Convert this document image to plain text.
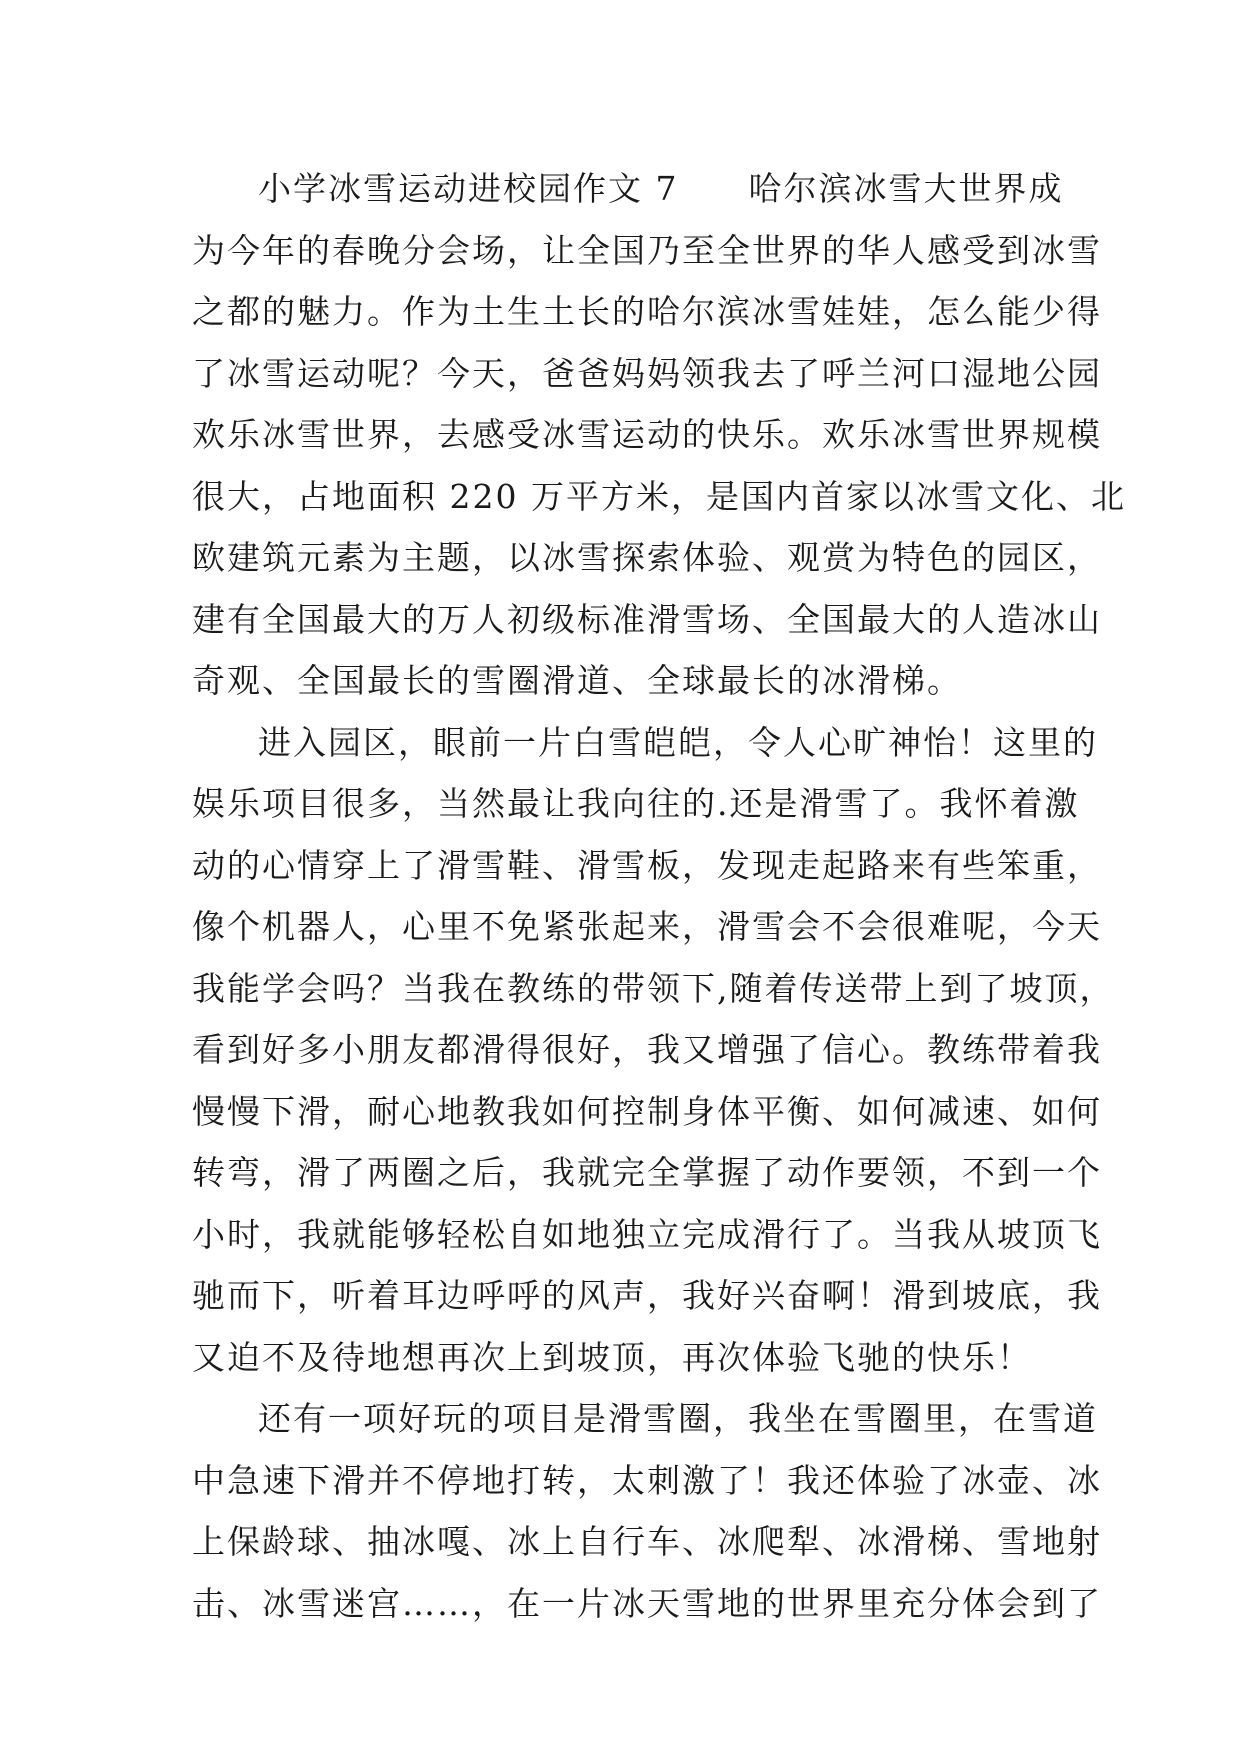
小学冰雪运动进校园作文 7　　哈尔滨冰雪大世界成
为今年的春晚分会场，让全国乃至全世界的华人感受到冰雪
之都的魅力。作为土生土长的哈尔滨冰雪娃娃，怎么能少得
了冰雪运动呢？今天，爸爸妈妈领我去了呼兰河口湿地公园
欢乐冰雪世界，去感受冰雪运动的快乐。欢乐冰雪世界规模
很大，占地面积 220 万平方米，是国内首家以冰雪文化、北
欧建筑元素为主题，以冰雪探索体验、观赏为特色的园区，
建有全国最大的万人初级标准滑雪场、全国最大的人造冰山
奇观、全国最长的雪圈滑道、全球最长的冰滑梯。
进入园区，眼前一片白雪皑皑，令人心旷神怡！这里的
娱乐项目很多，当然最让我向往的.还是滑雪了。我怀着激
动的心情穿上了滑雪鞋、滑雪板，发现走起路来有些笨重，
像个机器人，心里不免紧张起来，滑雪会不会很难呢，今天
我能学会吗？当我在教练的带领下,随着传送带上到了坡顶，
看到好多小朋友都滑得很好，我又增强了信心。教练带着我
慢慢下滑，耐心地教我如何控制身体平衡、如何减速、如何
转弯，滑了两圈之后，我就完全掌握了动作要领，不到一个
小时，我就能够轻松自如地独立完成滑行了。当我从坡顶飞
驰而下，听着耳边呼呼的风声，我好兴奋啊！滑到坡底，我
又迫不及待地想再次上到坡顶，再次体验飞驰的快乐！
还有一项好玩的项目是滑雪圈，我坐在雪圈里，在雪道
中急速下滑并不停地打转，太刺激了！我还体验了冰壶、冰
上保龄球、抽冰嘎、冰上自行车、冰爬犁、冰滑梯、雪地射
击、冰雪迷宫……，在一片冰天雪地的世界里充分体会到了
